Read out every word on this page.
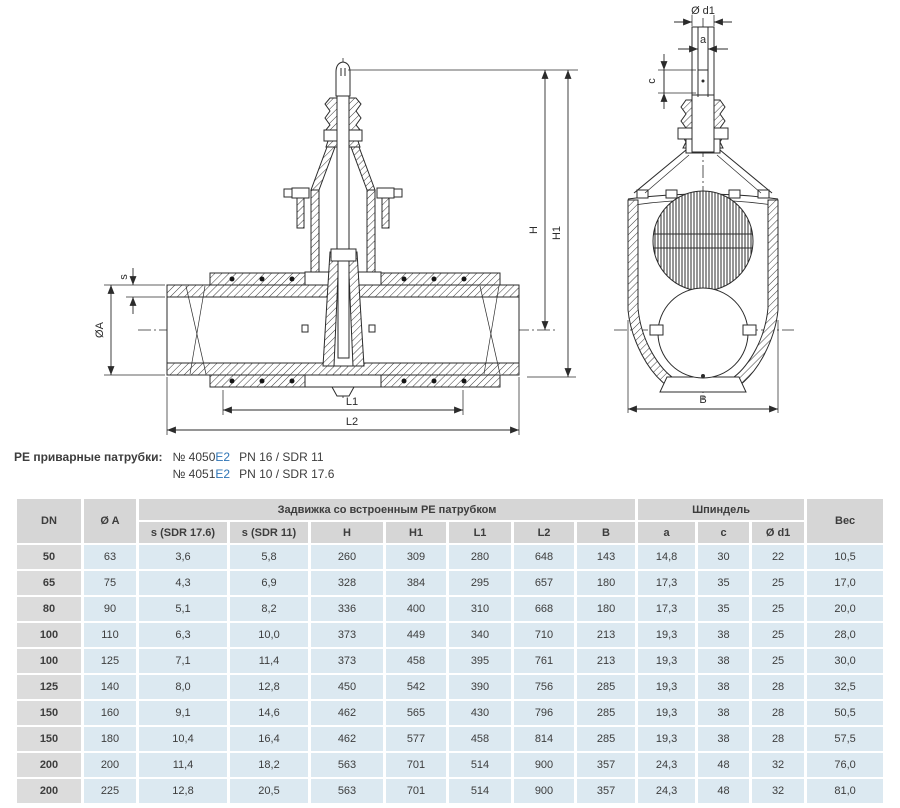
H H1
ØA
s
L1
L2
Ø d1
a
c
B
PE приварные патрубки: № 4050E2 PN 16 / SDR 11
№ 4051E2 PN 10 / SDR 17.6
DN	Ø A	Задвижка со встроенным PE патрубком							Шпиндель			Вес
		s (SDR 17.6)	s (SDR 11)	H	H1	L1	L2	B	a	c	Ø d1	
50	63	3,6	5,8	260	309	280	648	143	14,8	30	22	10,5
65	75	4,3	6,9	328	384	295	657	180	17,3	35	25	17,0
80	90	5,1	8,2	336	400	310	668	180	17,3	35	25	20,0
100	110	6,3	10,0	373	449	340	710	213	19,3	38	25	28,0
100	125	7,1	11,4	373	458	395	761	213	19,3	38	25	30,0
125	140	8,0	12,8	450	542	390	756	285	19,3	38	28	32,5
150	160	9,1	14,6	462	565	430	796	285	19,3	38	28	50,5
150	180	10,4	16,4	462	577	458	814	285	19,3	38	28	57,5
200	200	11,4	18,2	563	701	514	900	357	24,3	48	32	76,0
200	225	12,8	20,5	563	701	514	900	357	24,3	48	32	81,0
